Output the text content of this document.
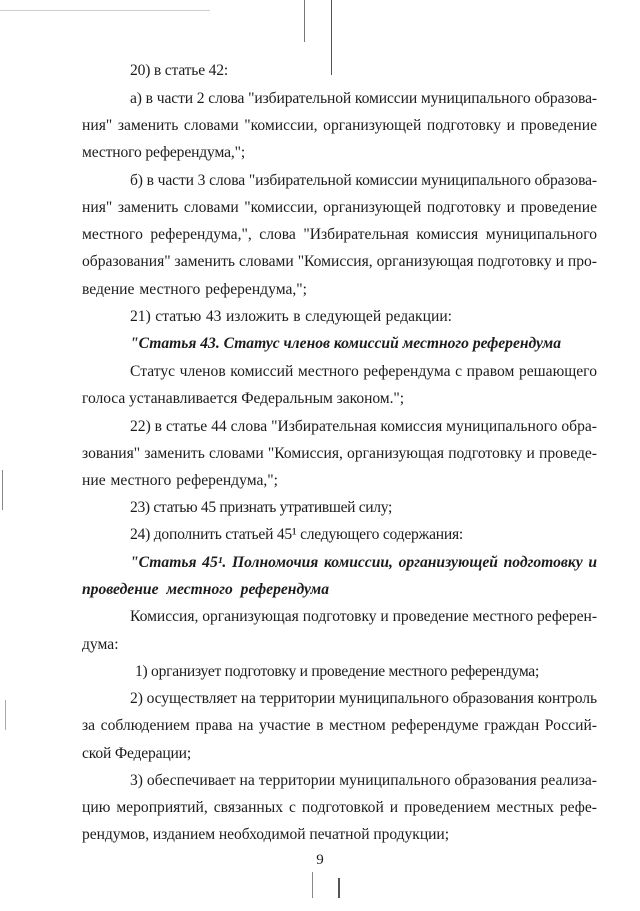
20) в статье 42:
а) в части 2 слова "избирательной комиссии муниципального образова-
ния" заменить словами "комиссии, организующей подготовку и проведение
местного референдума,";
б) в части 3 слова "избирательной комиссии муниципального образова-
ния" заменить словами "комиссии, организующей подготовку и проведение
местного референдума,", слова "Избирательная комиссия муниципального
образования" заменить словами "Комиссия, организующая подготовку и про-
ведение местного референдума,";
21) статью 43 изложить в следующей редакции:
"Статья 43. Статус членов комиссий местного референдума
Статус членов комиссий местного референдума с правом решающего
голоса устанавливается Федеральным законом.";
22) в статье 44 слова "Избирательная комиссия муниципального обра-
зования" заменить словами "Комиссия, организующая подготовку и проведе-
ние местного референдума,";
23) статью 45 признать утратившей силу;
24) дополнить статьей 45¹ следующего содержания:
"Статья 45¹. Полномочия комиссии, организующей подготовку и
проведение местного референдума
Комиссия, организующая подготовку и проведение местного референ-
дума:
1) организует подготовку и проведение местного референдума;
2) осуществляет на территории муниципального образования контроль
за соблюдением права на участие в местном референдуме граждан Россий-
ской Федерации;
3) обеспечивает на территории муниципального образования реализа-
цию мероприятий, связанных с подготовкой и проведением местных рефе-
рендумов, изданием необходимой печатной продукции;
9
